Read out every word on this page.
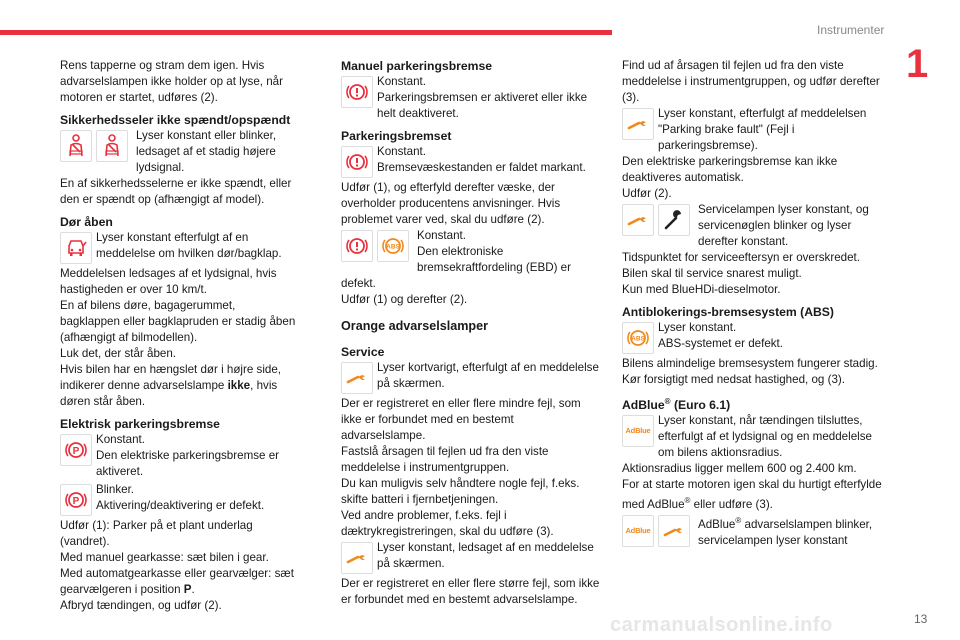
Instrumenter
1

Rens tapperne og stram dem igen. Hvis advarselslampen ikke holder op at lyse, når motoren er startet, udføres (2).

Sikkerhedsseler ikke spændt/opspændt

Lyser konstant eller blinker, ledsaget af et stadig højere lydsignal.

En af sikkerhedsselerne er ikke spændt, eller den er spændt op (afhængigt af model).

Dør åben

Lyser konstant efterfulgt af en meddelelse om hvilken dør/bagklap.

Meddelelsen ledsages af et lydsignal, hvis hastigheden er over 10 km/t.

En af bilens døre, bagagerummet, bagklappen eller bagklapruden er stadig åben (afhængigt af bilmodellen).

Luk det, der står åben.

Hvis bilen har en hængslet dør i højre side, indikerer denne advarselslampe ikke, hvis døren står åben.

Elektrisk parkeringsbremse

P

Konstant.

Den elektriske parkeringsbremse er aktiveret.

P

Blinker.

Aktivering/deaktivering er defekt.

Udfør (1): Parker på et plant underlag (vandret).

Med manuel gearkasse: sæt bilen i gear.

Med automatgearkasse eller gearvælger: sæt gearvælgeren i position P.

Afbryd tændingen, og udfør (2).

Manuel parkeringsbremse

Konstant.

Parkeringsbremsen er aktiveret eller ikke helt deaktiveret.

Parkeringsbremset

Konstant.

Bremsevæskestanden er faldet markant.

Udfør (1), og efterfyld derefter væske, der overholder producentens anvisninger. Hvis problemet varer ved, skal du udføre (2).

ABS

Konstant.

Den elektroniske bremsekraftfordeling (EBD) er defekt.

Udfør (1) og derefter (2).

Orange advarselslamper

Service

Lyser kortvarigt, efterfulgt af en meddelelse på skærmen.

Der er registreret en eller flere mindre fejl, som ikke er forbundet med en bestemt advarselslampe.

Fastslå årsagen til fejlen ud fra den viste meddelelse i instrumentgruppen.

Du kan muligvis selv håndtere nogle fejl, f.eks. skifte batteri i fjernbetjeningen.

Ved andre problemer, f.eks. fejl i dæktrykregistreringen, skal du udføre (3).

Lyser konstant, ledsaget af en meddelelse på skærmen.

Der er registreret en eller flere større fejl, som ikke er forbundet med en bestemt advarselslampe.

Find ud af årsagen til fejlen ud fra den viste meddelelse i instrumentgruppen, og udfør derefter (3).

Lyser konstant, efterfulgt af meddelelsen "Parking brake fault" (Fejl i parkeringsbremse).

Den elektriske parkeringsbremse kan ikke deaktiveres automatisk.

Udfør (2).

Servicelampen lyser konstant, og servicenøglen blinker og lyser derefter konstant.

Tidspunktet for serviceeftersyn er overskredet.

Bilen skal til service snarest muligt.

Kun med BlueHDi-dieselmotor.

Antiblokerings-bremsesystem (ABS)

ABS

Lyser konstant.

ABS-systemet er defekt.

Bilens almindelige bremsesystem fungerer stadig.

Kør forsigtigt med nedsat hastighed, og (3).

AdBlue® (Euro 6.1)

AdBlue

Lyser konstant, når tændingen tilsluttes, efterfulgt af et lydsignal og en meddelelse om bilens aktionsradius.

Aktionsradius ligger mellem 600 og 2.400 km.

For at starte motoren igen skal du hurtigt efterfylde med AdBlue® eller udføre (3).

AdBlue	AdBlue® advarselslampen blinker, servicelampen lyser konstant

carmanualsonline.info	13
